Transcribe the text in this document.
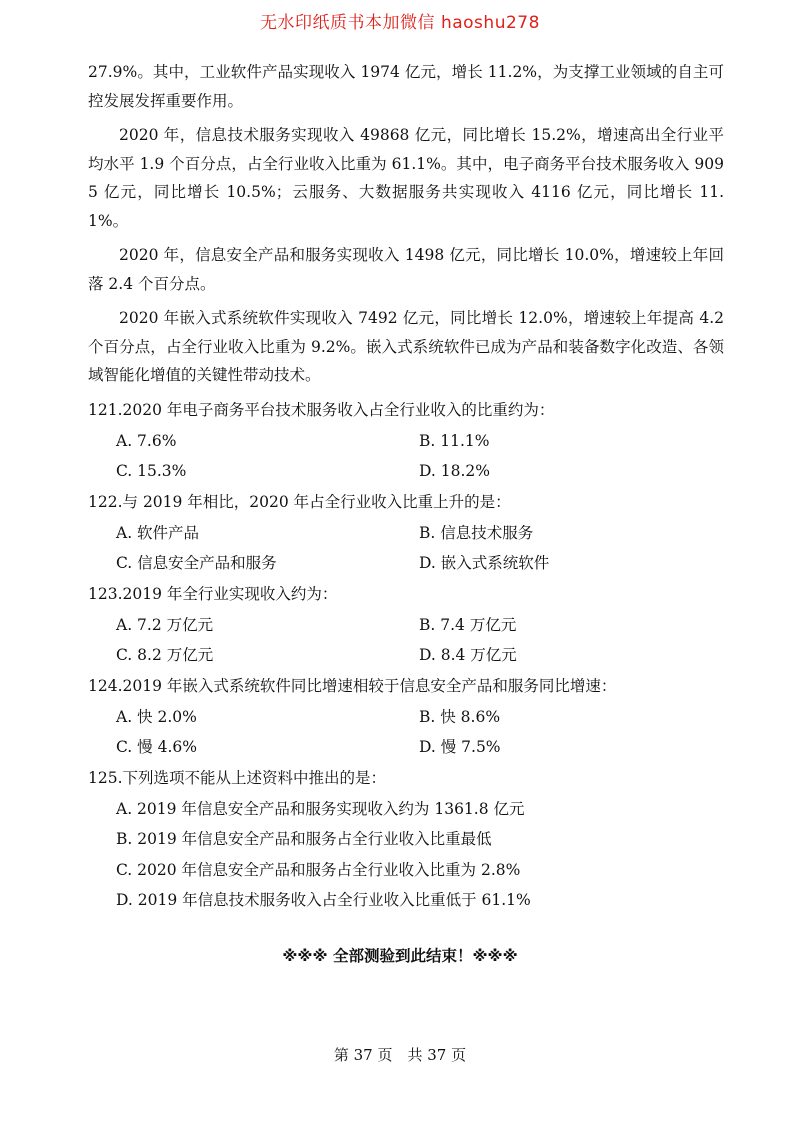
无水印纸质书本加微信 haoshu278

27.9%。其中，工业软件产品实现收入 1974 亿元，增长 11.2%，为支撑工业领域的自主可控发展发挥重要作用。

2020 年，信息技术服务实现收入 49868 亿元，同比增长 15.2%，增速高出全行业平均水平 1.9 个百分点，占全行业收入比重为 61.1%。其中，电子商务平台技术服务收入 9095 亿元，同比增长 10.5%；云服务、大数据服务共实现收入 4116 亿元，同比增长 11.1%。

2020 年，信息安全产品和服务实现收入 1498 亿元，同比增长 10.0%，增速较上年回落 2.4 个百分点。

2020 年嵌入式系统软件实现收入 7492 亿元，同比增长 12.0%，增速较上年提高 4.2 个百分点，占全行业收入比重为 9.2%。嵌入式系统软件已成为产品和装备数字化改造、各领域智能化增值的关键性带动技术。

121.2020 年电子商务平台技术服务收入占全行业收入的比重约为：
A. 7.6%	B. 11.1%
C. 15.3%	D. 18.2%
122.与 2019 年相比，2020 年占全行业收入比重上升的是：
A. 软件产品	B. 信息技术服务
C. 信息安全产品和服务	D. 嵌入式系统软件
123.2019 年全行业实现收入约为：
A. 7.2 万亿元	B. 7.4 万亿元
C. 8.2 万亿元	D. 8.4 万亿元
124.2019 年嵌入式系统软件同比增速相较于信息安全产品和服务同比增速：
A. 快 2.0%	B. 快 8.6%
C. 慢 4.6%	D. 慢 7.5%
125.下列选项不能从上述资料中推出的是：
A. 2019 年信息安全产品和服务实现收入约为 1361.8 亿元
B. 2019 年信息安全产品和服务占全行业收入比重最低
C. 2020 年信息安全产品和服务占全行业收入比重为 2.8%
D. 2019 年信息技术服务收入占全行业收入比重低于 61.1%
※※※ 全部测验到此结束！※※※
第 37 页　共 37 页
